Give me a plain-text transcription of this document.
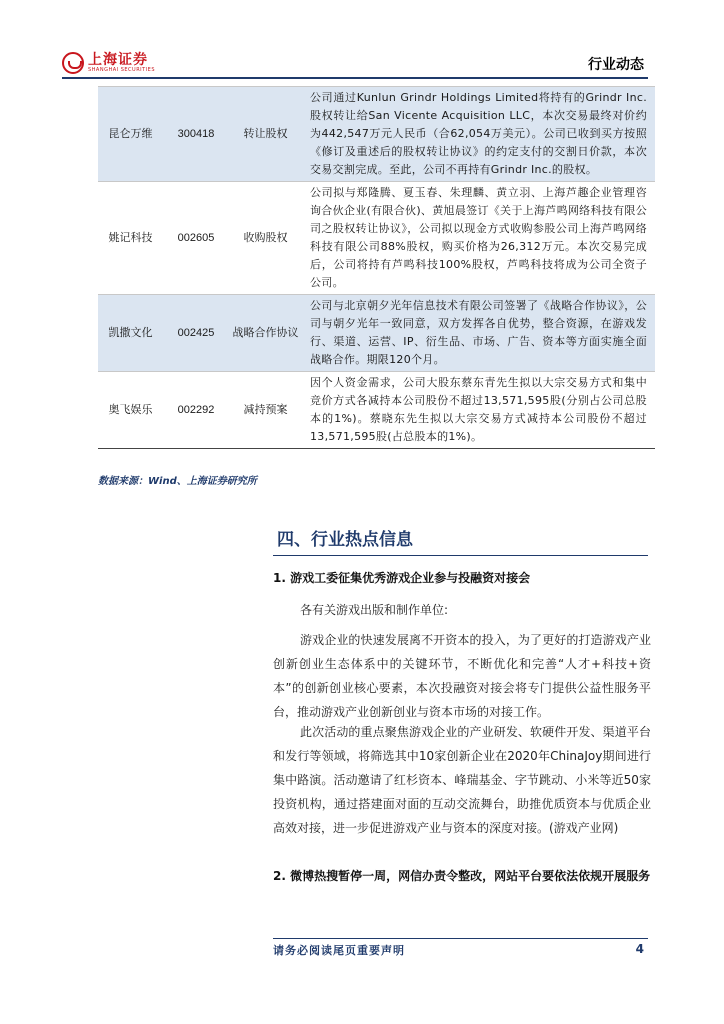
上海证券
SHANGHAI SECURITIES	行业动态
昆仑万维	300418	转让股权	公司通过Kunlun Grindr Holdings Limited将持有的Grindr Inc.股权转让给San Vicente Acquisition LLC，本次交易最终对价约为442,547万元人民币（合62,054万美元）。公司已收到买方按照《修订及重述后的股权转让协议》的约定支付的交割日价款，本次交易交割完成。至此，公司不再持有Grindr Inc.的股权。
姚记科技	002605	收购股权	公司拟与郑隆腾、夏玉春、朱理麟、黄立羽、上海芦趣企业管理咨询合伙企业(有限合伙)、黄旭晨签订《关于上海芦鸣网络科技有限公司之股权转让协议》，公司拟以现金方式收购参股公司上海芦鸣网络科技有限公司88%股权，购买价格为26,312万元。本次交易完成后，公司将持有芦鸣科技100%股权，芦鸣科技将成为公司全资子公司。
凯撒文化	002425	战略合作协议	公司与北京朝夕光年信息技术有限公司签署了《战略合作协议》，公司与朝夕光年一致同意，双方发挥各自优势，整合资源，在游戏发行、渠道、运营、IP、衍生品、市场、广告、资本等方面实施全面战略合作。期限120个月。
奥飞娱乐	002292	减持预案	因个人资金需求，公司大股东蔡东青先生拟以大宗交易方式和集中竞价方式各减持本公司股份不超过13,571,595股(分别占公司总股本的1%)。蔡晓东先生拟以大宗交易方式减持本公司股份不超过13,571,595股(占总股本的1%)。
数据来源：Wind、上海证券研究所
四、行业热点信息
1. 游戏工委征集优秀游戏企业参与投融资对接会
各有关游戏出版和制作单位:
游戏企业的快速发展离不开资本的投入，为了更好的打造游戏产业创新创业生态体系中的关键环节，不断优化和完善“人才+科技+资本”的创新创业核心要素，本次投融资对接会将专门提供公益性服务平台，推动游戏产业创新创业与资本市场的对接工作。
此次活动的重点聚焦游戏企业的产业研发、软硬件开发、渠道平台和发行等领域，将筛选其中10家创新企业在2020年ChinaJoy期间进行集中路演。活动邀请了红杉资本、峰瑞基金、字节跳动、小米等近50家投资机构，通过搭建面对面的互动交流舞台，助推优质资本与优质企业高效对接，进一步促进游戏产业与资本的深度对接。(游戏产业网)
2. 微博热搜暂停一周，网信办责令整改，网站平台要依法依规开展服务
请务必阅读尾页重要声明	4
